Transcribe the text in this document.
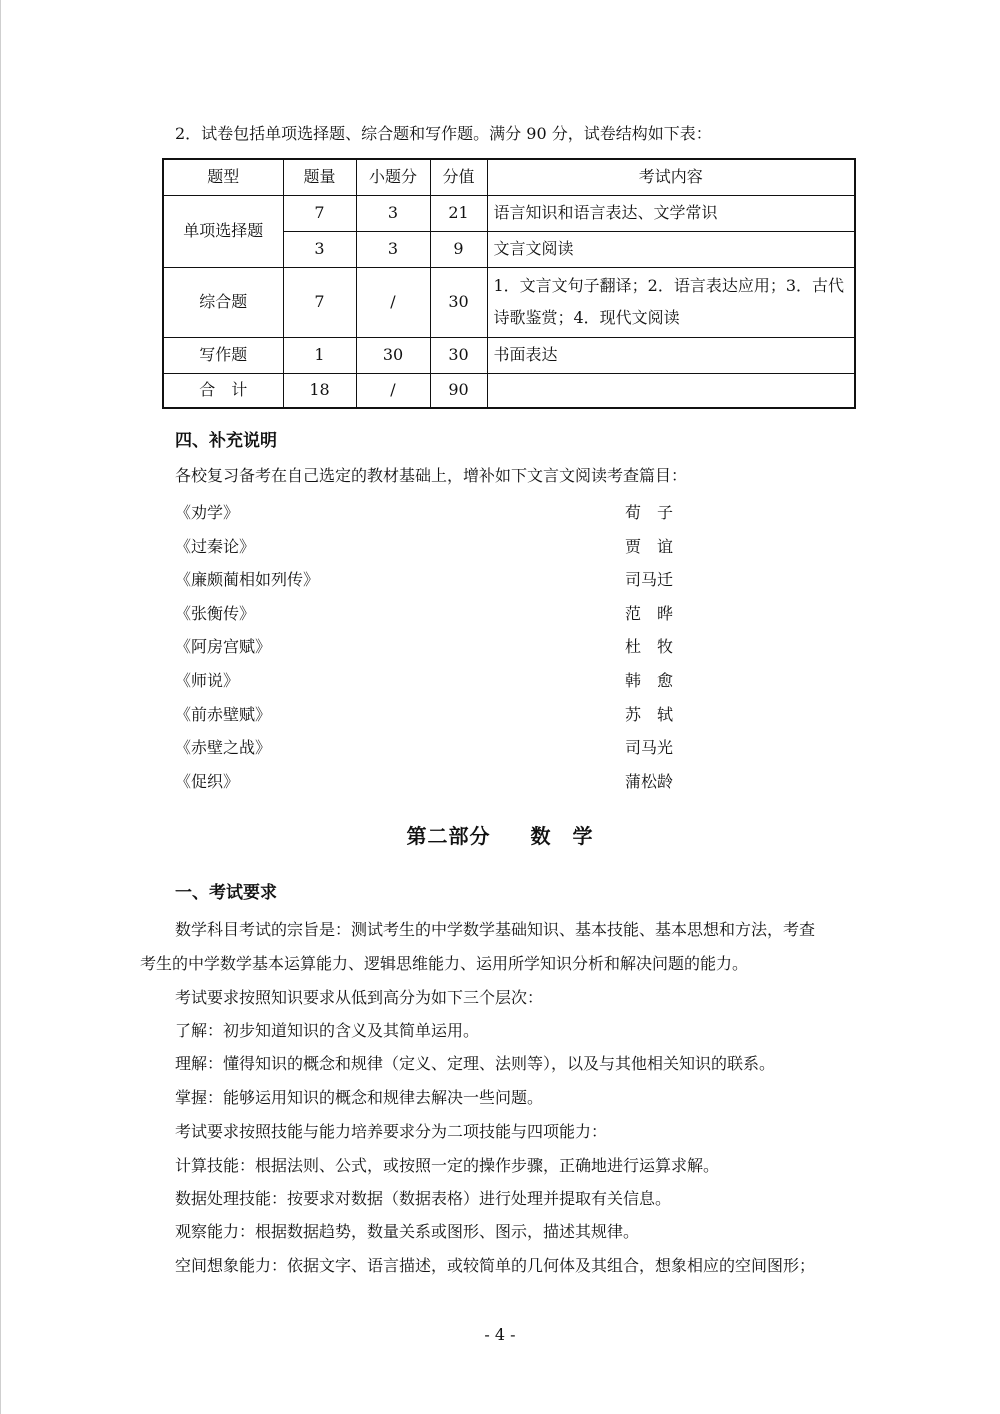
2．试卷包括单项选择题、综合题和写作题。满分 90 分，试卷结构如下表：
题型	题量	小题分	分值	考试内容
单项选择题	7	3	21	语言知识和语言表达、文学常识
	3	3	9	文言文阅读
综合题	7	/	30	1．文言文句子翻译；2．语言表达应用；3．古代诗歌鉴赏；4．现代文阅读
写作题	1	30	30	书面表达
合　计	18	/	90	
四、补充说明
各校复习备考在自己选定的教材基础上，增补如下文言文阅读考查篇目：
《劝学》	荀　子
《过秦论》	贾　谊
《廉颇蔺相如列传》	司马迁
《张衡传》	范　晔
《阿房宫赋》	杜　牧
《师说》	韩　愈
《前赤壁赋》	苏　轼
《赤壁之战》	司马光
《促织》	蒲松龄
第二部分 数　学
一、考试要求
数学科目考试的宗旨是：测试考生的中学数学基础知识、基本技能、基本思想和方法，考查
考生的中学数学基本运算能力、逻辑思维能力、运用所学知识分析和解决问题的能力。
考试要求按照知识要求从低到高分为如下三个层次：
了解：初步知道知识的含义及其简单运用。
理解：懂得知识的概念和规律（定义、定理、法则等），以及与其他相关知识的联系。
掌握：能够运用知识的概念和规律去解决一些问题。
考试要求按照技能与能力培养要求分为二项技能与四项能力：
计算技能：根据法则、公式，或按照一定的操作步骤，正确地进行运算求解。
数据处理技能：按要求对数据（数据表格）进行处理并提取有关信息。
观察能力：根据数据趋势，数量关系或图形、图示，描述其规律。
空间想象能力：依据文字、语言描述，或较简单的几何体及其组合，想象相应的空间图形；
- 4 -
